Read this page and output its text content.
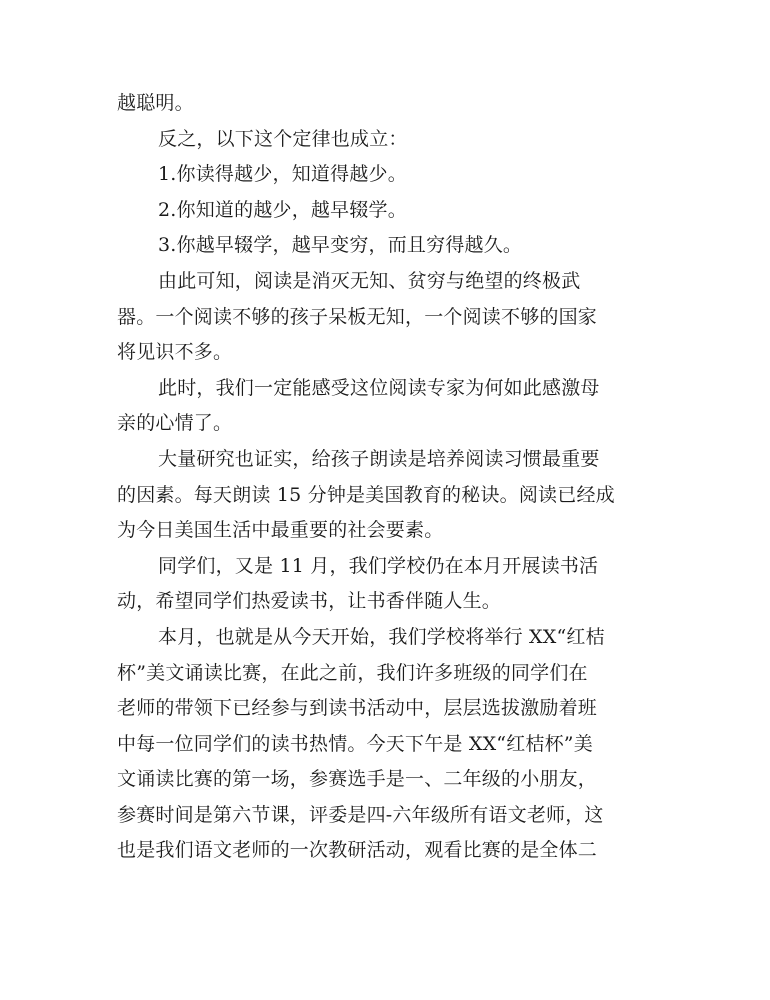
越聪明。
反之，以下这个定律也成立：
1.你读得越少，知道得越少。
2.你知道的越少，越早辍学。
3.你越早辍学，越早变穷，而且穷得越久。
由此可知，阅读是消灭无知、贫穷与绝望的终极武
器。一个阅读不够的孩子呆板无知，一个阅读不够的国家
将见识不多。
此时，我们一定能感受这位阅读专家为何如此感激母
亲的心情了。
大量研究也证实，给孩子朗读是培养阅读习惯最重要
的因素。每天朗读 15 分钟是美国教育的秘诀。阅读已经成
为今日美国生活中最重要的社会要素。
同学们，又是 11 月，我们学校仍在本月开展读书活
动，希望同学们热爱读书，让书香伴随人生。
本月，也就是从今天开始，我们学校将举行 XX“红桔
杯”美文诵读比赛，在此之前，我们许多班级的同学们在
老师的带领下已经参与到读书活动中，层层选拔激励着班
中每一位同学们的读书热情。今天下午是 XX“红桔杯”美
文诵读比赛的第一场，参赛选手是一、二年级的小朋友，
参赛时间是第六节课，评委是四-六年级所有语文老师，这
也是我们语文老师的一次教研活动，观看比赛的是全体二
